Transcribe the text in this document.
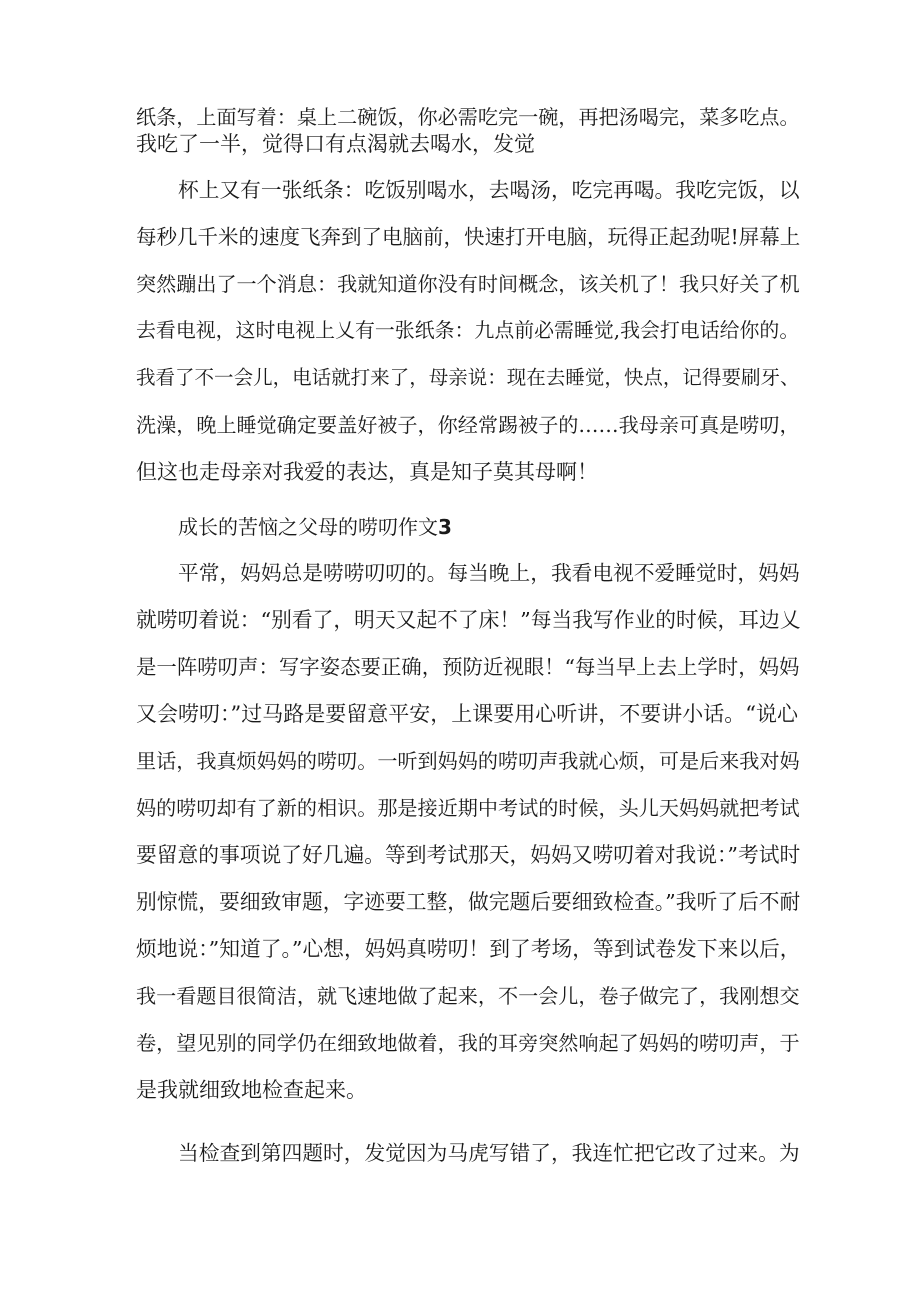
纸条，上面写着：桌上二碗饭，你必需吃完一碗，再把汤喝完，菜多吃点。
我吃了一半，觉得口有点渴就去喝水，发觉
杯上又有一张纸条：吃饭别喝水，去喝汤，吃完再喝。我吃完饭，以
每秒几千米的速度飞奔到了电脑前，快速打开电脑，玩得正起劲呢!屏幕上
突然蹦出了一个消息：我就知道你没有时间概念，该关机了！我只好关了机
去看电视，这时电视上乂有一张纸条：九点前必需睡觉,我会打电话给你的。
我看了不一会儿，电话就打来了，母亲说：现在去睡觉，快点，记得要刷牙、
洗澡，晚上睡觉确定要盖好被子，你经常踢被子的……我母亲可真是唠叨，
但这也走母亲对我爱的表达，真是知子莫其母啊！
成长的苦恼之父母的唠叨作文3
平常，妈妈总是唠唠叨叨的。每当晚上，我看电视不爱睡觉时，妈妈
就唠叨着说：“别看了，明天又起不了床！”每当我写作业的时候，耳边乂
是一阵唠叨声：写字姿态要正确，预防近视眼！“每当早上去上学时，妈妈
又会唠叨：”过马路是要留意平安，上课要用心听讲，不要讲小话。“说心
里话，我真烦妈妈的唠叨。一听到妈妈的唠叨声我就心烦，可是后来我对妈
妈的唠叨却有了新的相识。那是接近期中考试的时候，头儿天妈妈就把考试
要留意的事项说了好几遍。等到考试那天，妈妈又唠叨着对我说：”考试时
别惊慌，要细致审题，字迹要工整，做完题后要细致检查。”我听了后不耐
烦地说：”知道了。”心想，妈妈真唠叨！到了考场，等到试卷发下来以后，
我一看题目很简洁，就飞速地做了起来，不一会儿，卷子做完了，我刚想交
卷，望见别的同学仍在细致地做着，我的耳旁突然响起了妈妈的唠叨声，于
是我就细致地检查起来。
当检查到第四题时，发觉因为马虎写错了，我连忙把它改了过来。为
